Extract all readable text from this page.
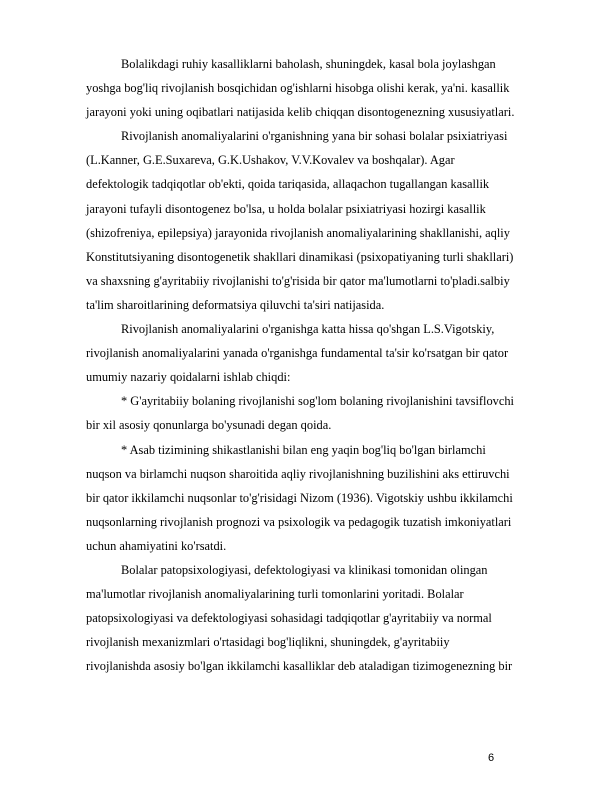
Bolalikdagi ruhiy kasalliklarni baholash, shuningdek, kasal bola joylashgan
yoshga bog'liq rivojlanish bosqichidan og'ishlarni hisobga olishi kerak, ya'ni. kasallik
jarayoni yoki uning oqibatlari natijasida kelib chiqqan disontogenezning xususiyatlari.

Rivojlanish anomaliyalarini o'rganishning yana bir sohasi bolalar psixiatriyasi
(L.Kanner, G.E.Suxareva, G.K.Ushakov, V.V.Kovalev va boshqalar). Agar
defektologik tadqiqotlar ob'ekti, qoida tariqasida, allaqachon tugallangan kasallik
jarayoni tufayli disontogenez bo'lsa, u holda bolalar psixiatriyasi hozirgi kasallik
(shizofreniya, epilepsiya) jarayonida rivojlanish anomaliyalarining shakllanishi, aqliy
Konstitutsiyaning disontogenetik shakllari dinamikasi (psixopatiyaning turli shakllari)
va shaxsning g'ayritabiiy rivojlanishi to'g'risida bir qator ma'lumotlarni to'pladi.salbiy
ta'lim sharoitlarining deformatsiya qiluvchi ta'siri natijasida.

Rivojlanish anomaliyalarini o'rganishga katta hissa qo'shgan L.S.Vigotskiy,
rivojlanish anomaliyalarini yanada o'rganishga fundamental ta'sir ko'rsatgan bir qator
umumiy nazariy qoidalarni ishlab chiqdi:

* G'ayritabiiy bolaning rivojlanishi sog'lom bolaning rivojlanishini tavsiflovchi
bir xil asosiy qonunlarga bo'ysunadi degan qoida.

* Asab tizimining shikastlanishi bilan eng yaqin bog'liq bo'lgan birlamchi
nuqson va birlamchi nuqson sharoitida aqliy rivojlanishning buzilishini aks ettiruvchi
bir qator ikkilamchi nuqsonlar to'g'risidagi Nizom (1936). Vigotskiy ushbu ikkilamchi
nuqsonlarning rivojlanish prognozi va psixologik va pedagogik tuzatish imkoniyatlari
uchun ahamiyatini ko'rsatdi.

Bolalar patopsixologiyasi, defektologiyasi va klinikasi tomonidan olingan
ma'lumotlar rivojlanish anomaliyalarining turli tomonlarini yoritadi. Bolalar
patopsixologiyasi va defektologiyasi sohasidagi tadqiqotlar g'ayritabiiy va normal
rivojlanish mexanizmlari o'rtasidagi bog'liqlikni, shuningdek, g'ayritabiiy
rivojlanishda asosiy bo'lgan ikkilamchi kasalliklar deb ataladigan tizimogenezning bir

6
